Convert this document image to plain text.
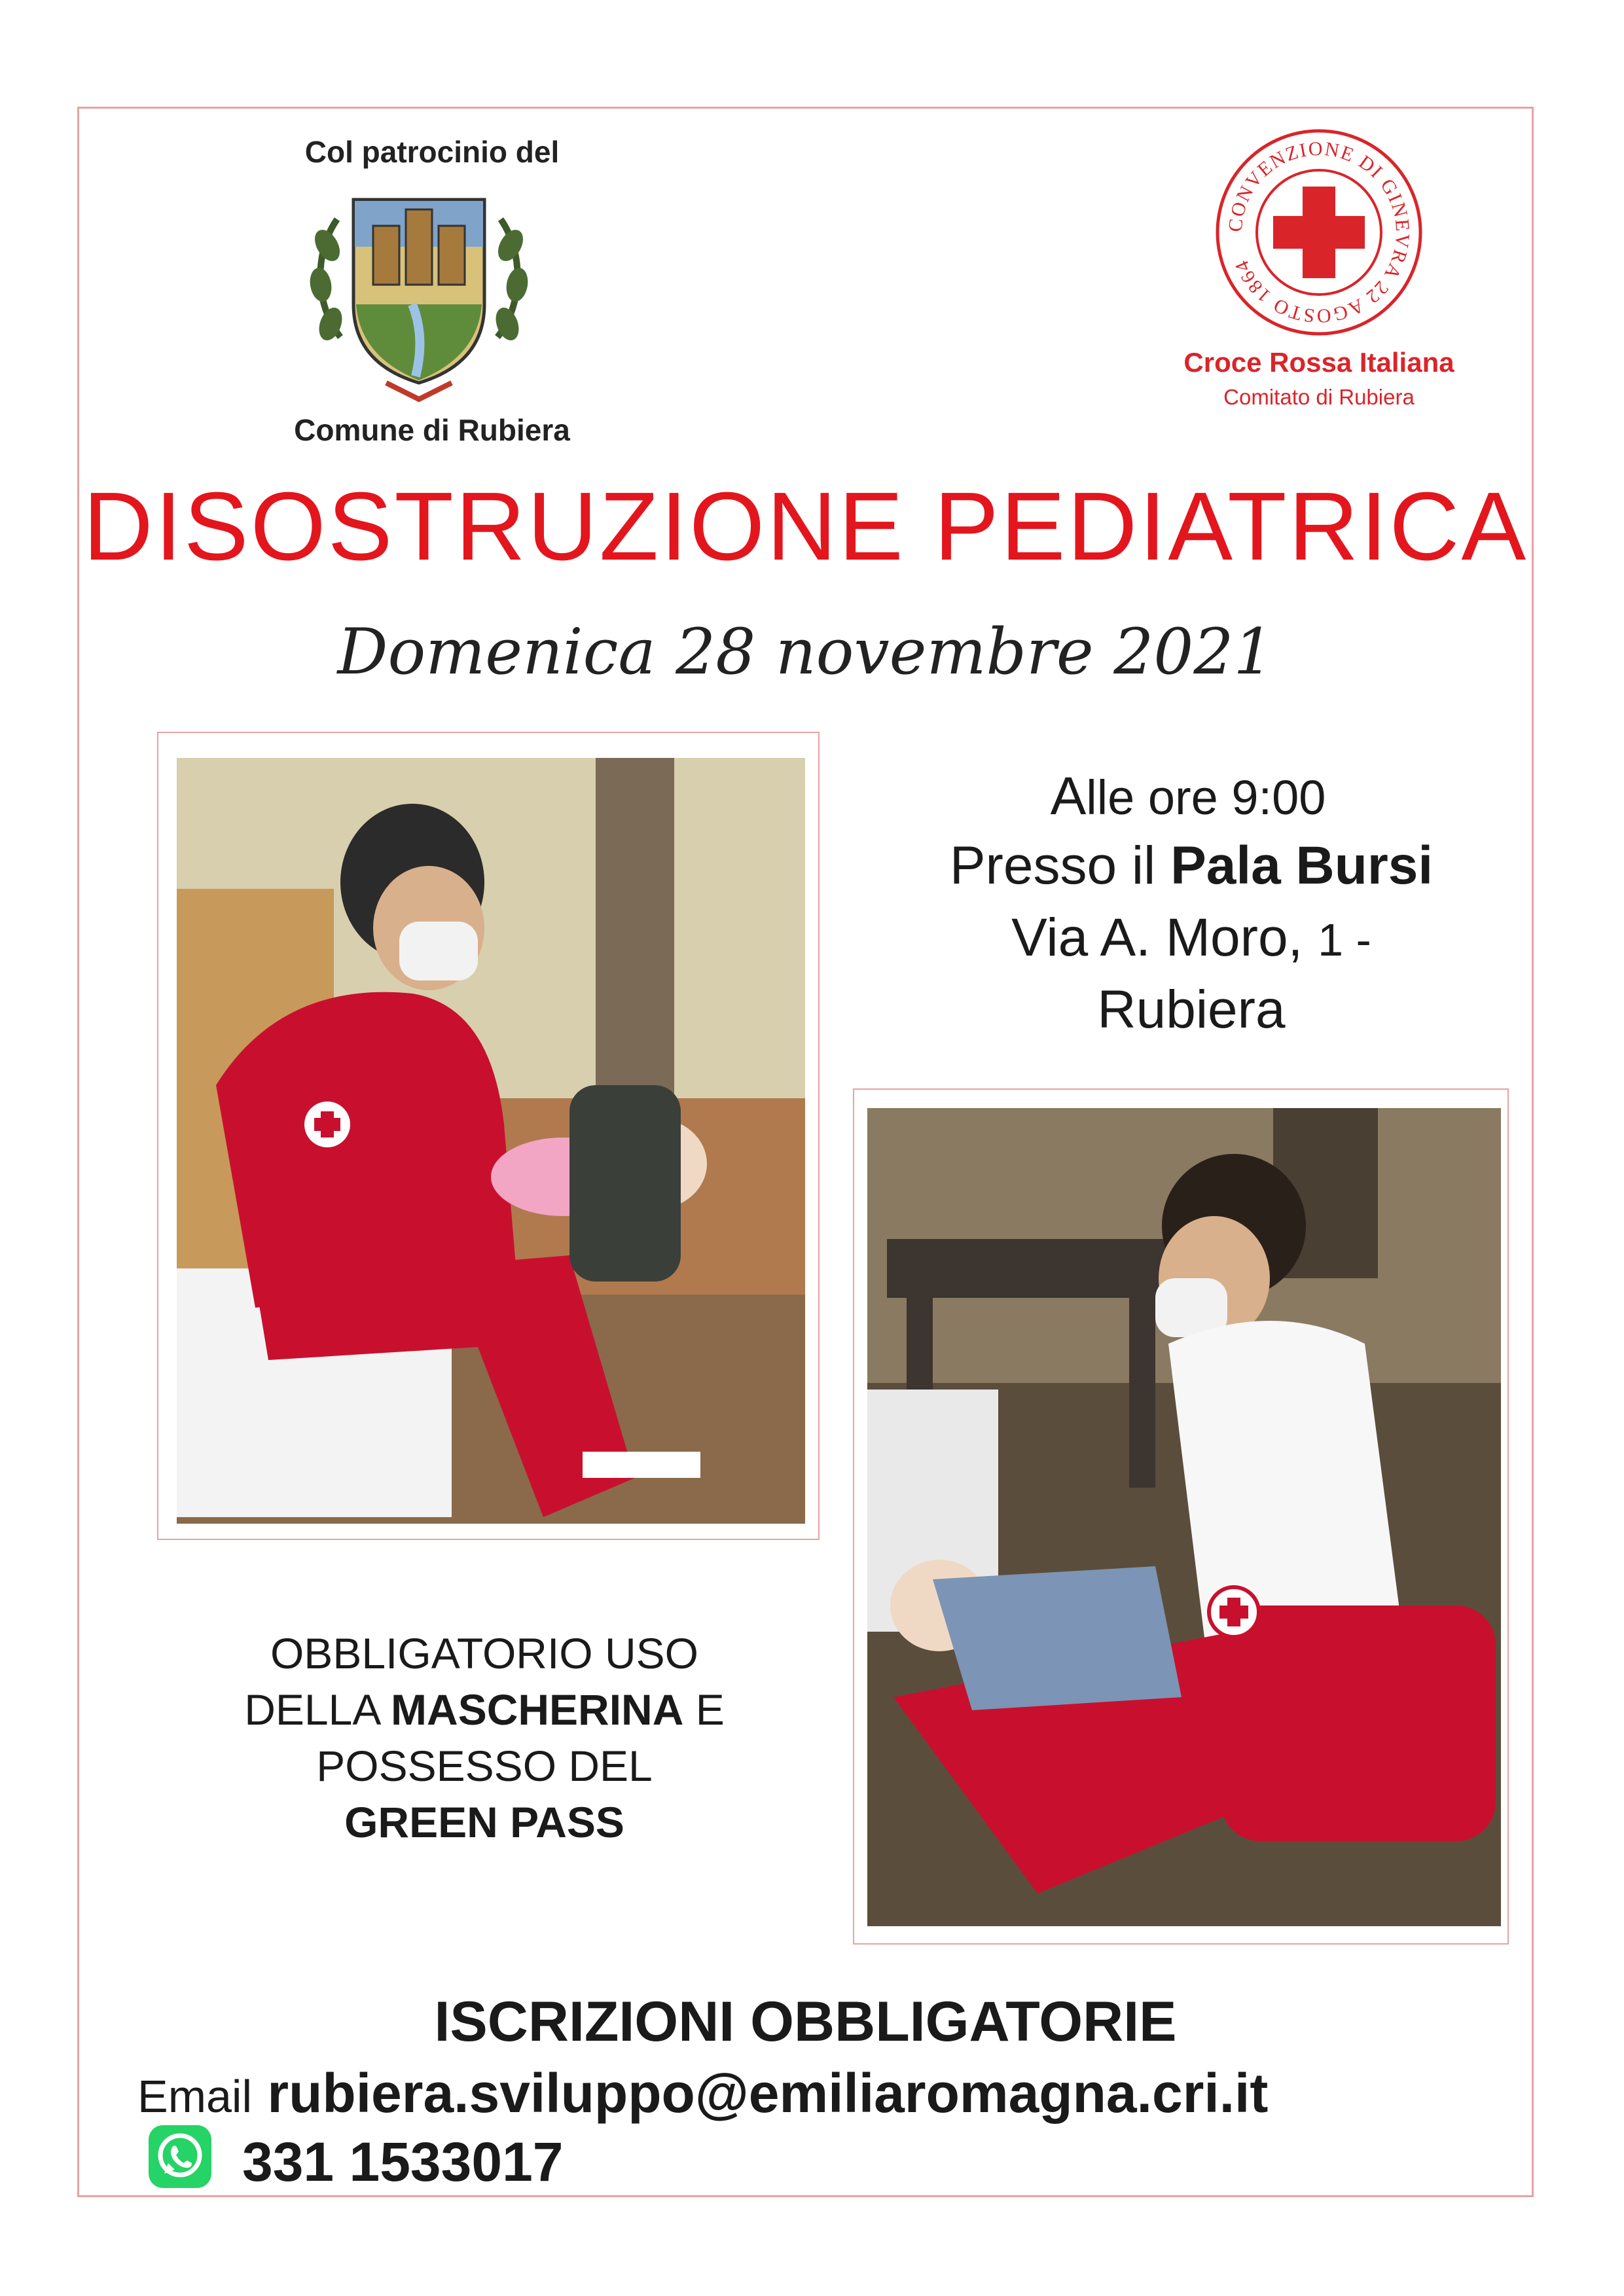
Col patrocinio del
Comune di Rubiera
CONVENZIONE DI GINEVRA 22 AGOSTO 1864
Croce Rossa Italiana
Comitato di Rubiera
DISOSTRUZIONE PEDIATRICA
Domenica 28 novembre 2021
Alle ore 9:00
Presso il Pala Bursi
Via A. Moro, 1 -
Rubiera
OBBLIGATORIO USO
DELLA MASCHERINA E
POSSESSO DEL
GREEN PASS
ISCRIZIONI OBBLIGATORIE
Email rubiera.sviluppo@emiliaromagna.cri.it
331 1533017
